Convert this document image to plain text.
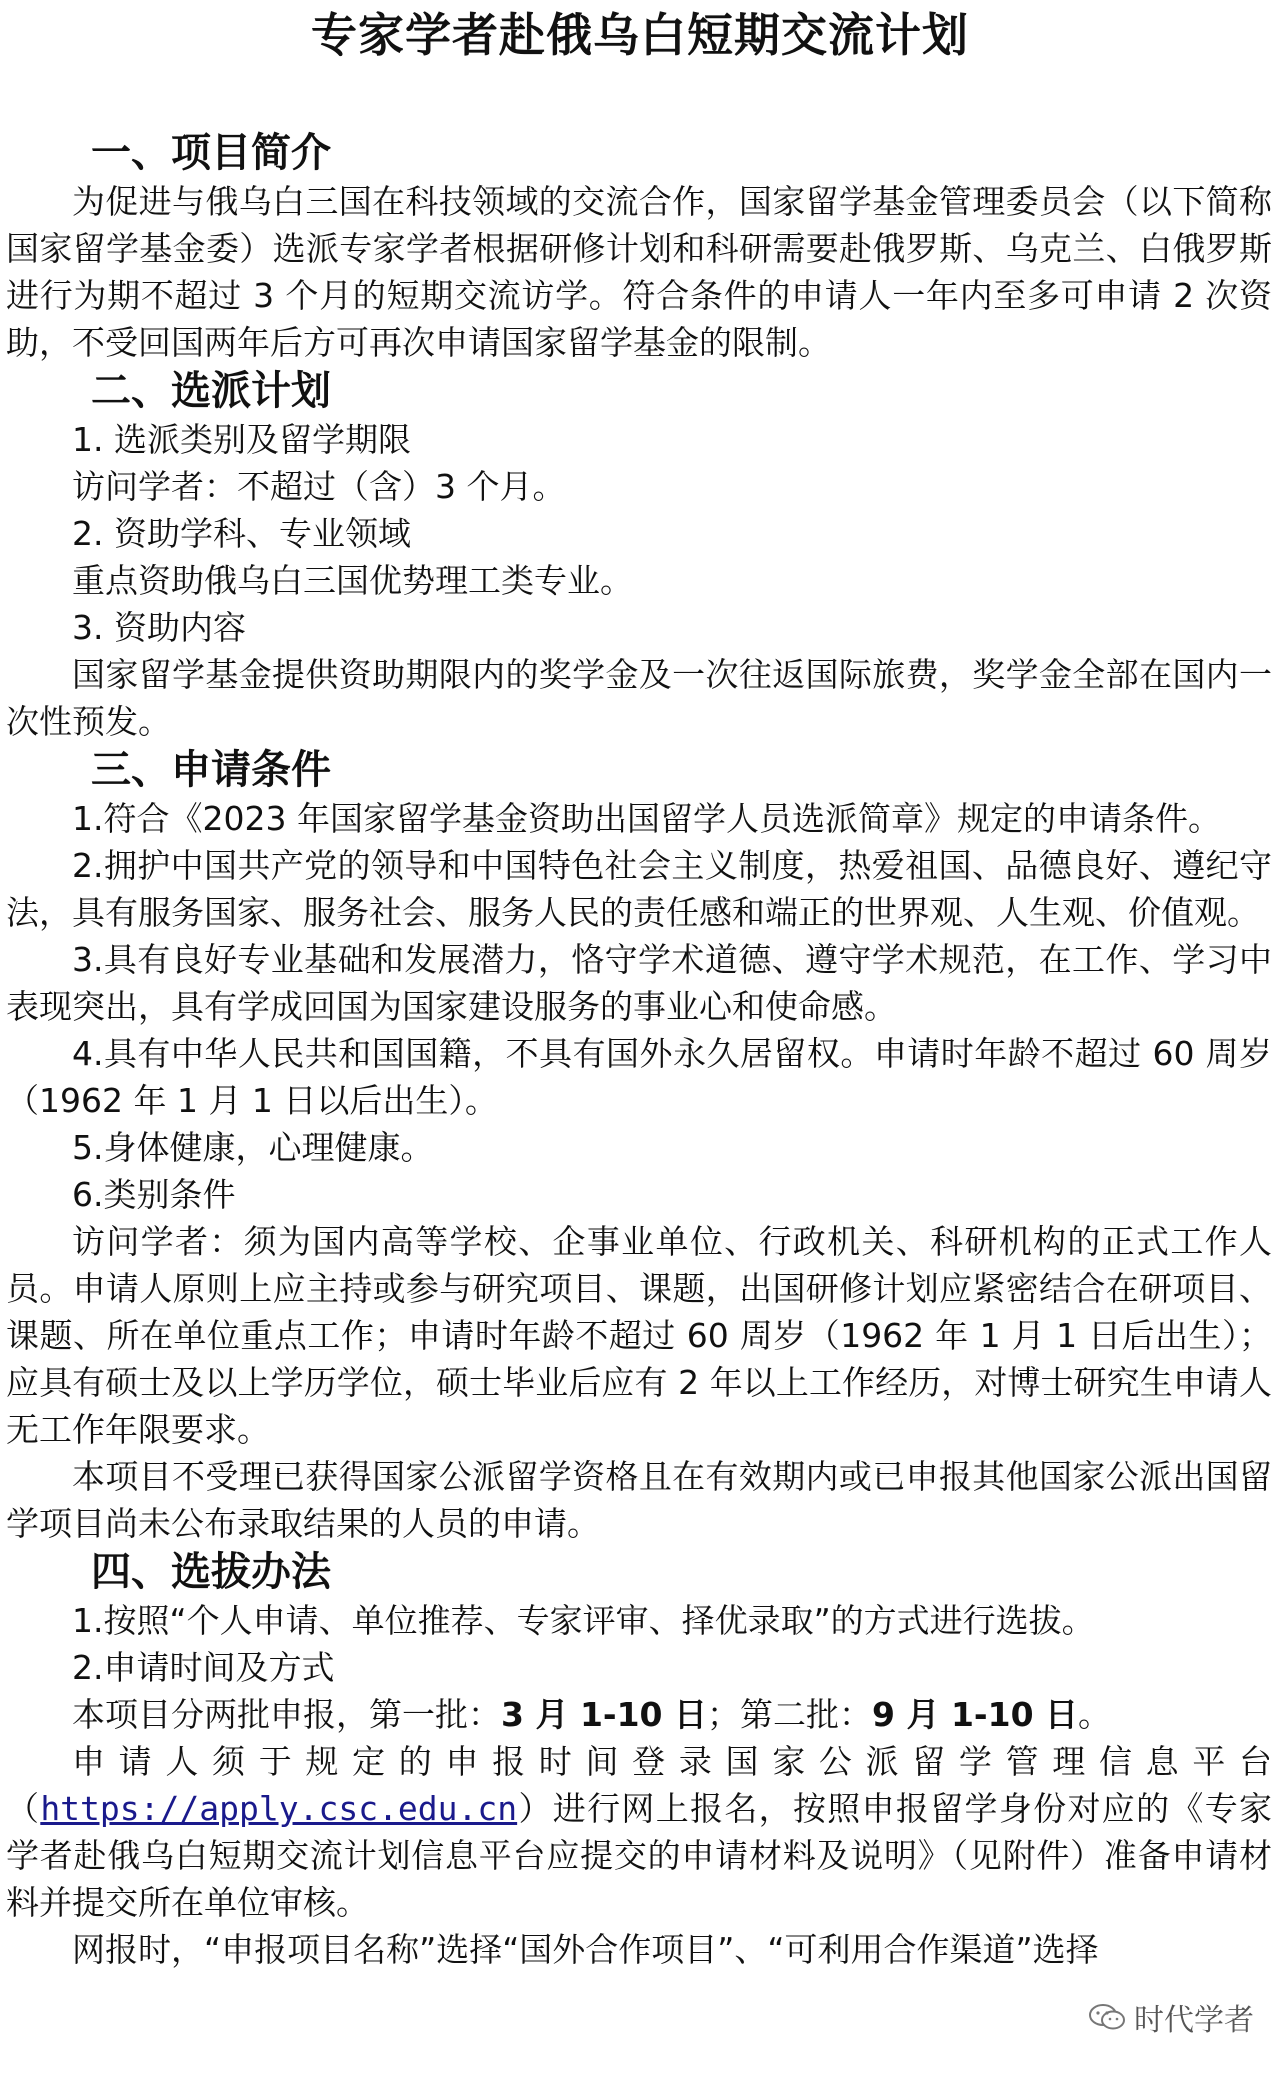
专家学者赴俄乌白短期交流计划
一、项目简介

为促进与俄乌白三国在科技领域的交流合作，国家留学基金管理委员会（以下简称国家留学基金委）选派专家学者根据研修计划和科研需要赴俄罗斯、乌克兰、白俄罗斯进行为期不超过 3 个月的短期交流访学。符合条件的申请人一年内至多可申请 2 次资助，不受回国两年后方可再次申请国家留学基金的限制。

二、选派计划

1. 选派类别及留学期限

访问学者：不超过（含）3 个月。

2. 资助学科、专业领域

重点资助俄乌白三国优势理工类专业。

3. 资助内容

国家留学基金提供资助期限内的奖学金及一次往返国际旅费，奖学金全部在国内一次性预发。

三、申请条件

1.符合《2023 年国家留学基金资助出国留学人员选派简章》规定的申请条件。

2.拥护中国共产党的领导和中国特色社会主义制度，热爱祖国、品德良好、遵纪守法，具有服务国家、服务社会、服务人民的责任感和端正的世界观、人生观、价值观。

3.具有良好专业基础和发展潜力，恪守学术道德、遵守学术规范，在工作、学习中表现突出，具有学成回国为国家建设服务的事业心和使命感。

4.具有中华人民共和国国籍，不具有国外永久居留权。申请时年龄不超过 60 周岁（1962 年 1 月 1 日以后出生）。

5.身体健康，心理健康。

6.类别条件

访问学者：须为国内高等学校、企事业单位、行政机关、科研机构的正式工作人员。申请人原则上应主持或参与研究项目、课题，出国研修计划应紧密结合在研项目、课题、所在单位重点工作；申请时年龄不超过 60 周岁（1962 年 1 月 1 日后出生）；应具有硕士及以上学历学位，硕士毕业后应有 2 年以上工作经历，对博士研究生申请人无工作年限要求。

本项目不受理已获得国家公派留学资格且在有效期内或已申报其他国家公派出国留学项目尚未公布录取结果的人员的申请。

四、选拔办法

1.按照“个人申请、单位推荐、专家评审、择优录取”的方式进行选拔。

2.申请时间及方式

本项目分两批申报，第一批：3 月 1-10 日；第二批：9 月 1-10 日。

申请人须于规定的申报时间登录国家公派留学管理信息平台（https://apply.csc.edu.cn）进行网上报名，按照申报留学身份对应的《专家学者赴俄乌白短期交流计划信息平台应提交的申请材料及说明》（见附件）准备申请材料并提交所在单位审核。

网报时，“申报项目名称”选择“国外合作项目”、“可利用合作渠道”选择

时代学者
